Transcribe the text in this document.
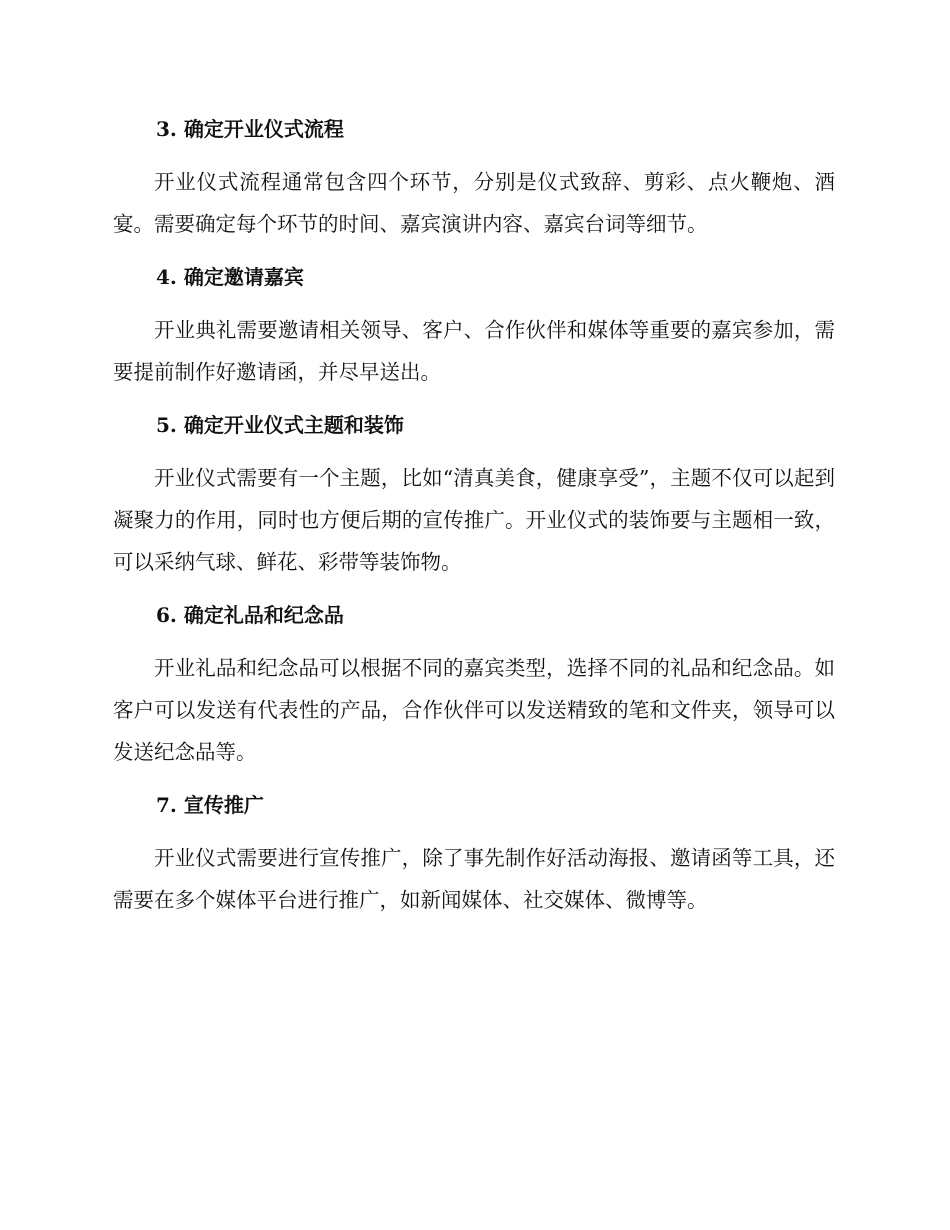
3. 确定开业仪式流程

开业仪式流程通常包含四个环节，分别是仪式致辞、剪彩、点火鞭炮、酒宴。需要确定每个环节的时间、嘉宾演讲内容、嘉宾台词等细节。

4. 确定邀请嘉宾

开业典礼需要邀请相关领导、客户、合作伙伴和媒体等重要的嘉宾参加，需要提前制作好邀请函，并尽早送出。

5. 确定开业仪式主题和装饰

开业仪式需要有一个主题，比如“清真美食，健康享受”，主题不仅可以起到凝聚力的作用，同时也方便后期的宣传推广。开业仪式的装饰要与主题相一致，可以采纳气球、鲜花、彩带等装饰物。

6. 确定礼品和纪念品

开业礼品和纪念品可以根据不同的嘉宾类型，选择不同的礼品和纪念品。如客户可以发送有代表性的产品，合作伙伴可以发送精致的笔和文件夹，领导可以发送纪念品等。

7. 宣传推广

开业仪式需要进行宣传推广，除了事先制作好活动海报、邀请函等工具，还需要在多个媒体平台进行推广，如新闻媒体、社交媒体、微博等。
